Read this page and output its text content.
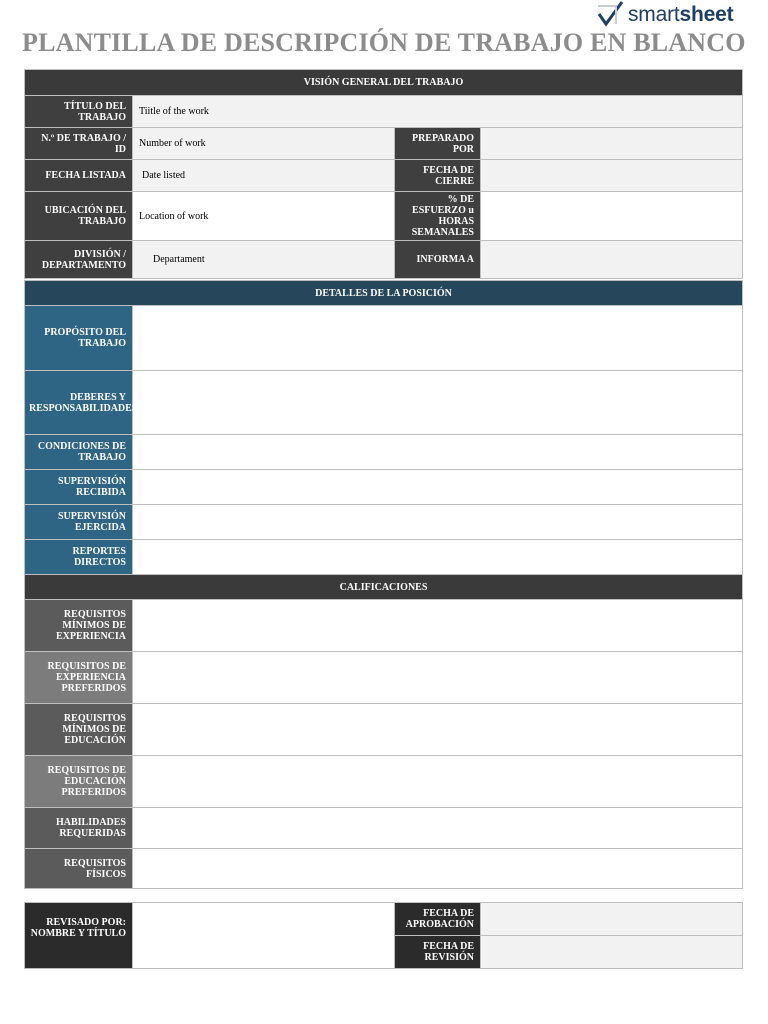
smartsheet
PLANTILLA DE DESCRIPCIÓN DE TRABAJO EN BLANCO
VISIÓN GENERAL DEL TRABAJO			
TÍTULO DEL TRABAJO	Tiitle of the work		
N.º DE TRABAJO / ID	Number of work	PREPARADO POR	
FECHA LISTADA	Date listed	FECHA DE CIERRE	
UBICACIÓN DEL TRABAJO	Location of work	% DE ESFUERZO u HORAS SEMANALES	
DIVISIÓN / DEPARTAMENTO	Departament	INFORMA A	
DETALLES DE LA POSICIÓN	
PROPÓSITO DEL TRABAJO	
DEBERES Y RESPONSABILIDADES	
CONDICIONES DE TRABAJO	
SUPERVISIÓN RECIBIDA	
SUPERVISIÓN EJERCIDA	
REPORTES DIRECTOS	
CALIFICACIONES	
REQUISITOS MÍNIMOS DE EXPERIENCIA	
REQUISITOS DE EXPERIENCIA PREFERIDOS	
REQUISITOS MÍNIMOS DE EDUCACIÓN	
REQUISITOS DE EDUCACIÓN PREFERIDOS	
HABILIDADES REQUERIDAS	
REQUISITOS FÍSICOS	
REVISADO POR: NOMBRE Y TÍTULO		FECHA DE APROBACIÓN	
		FECHA DE REVISIÓN	
